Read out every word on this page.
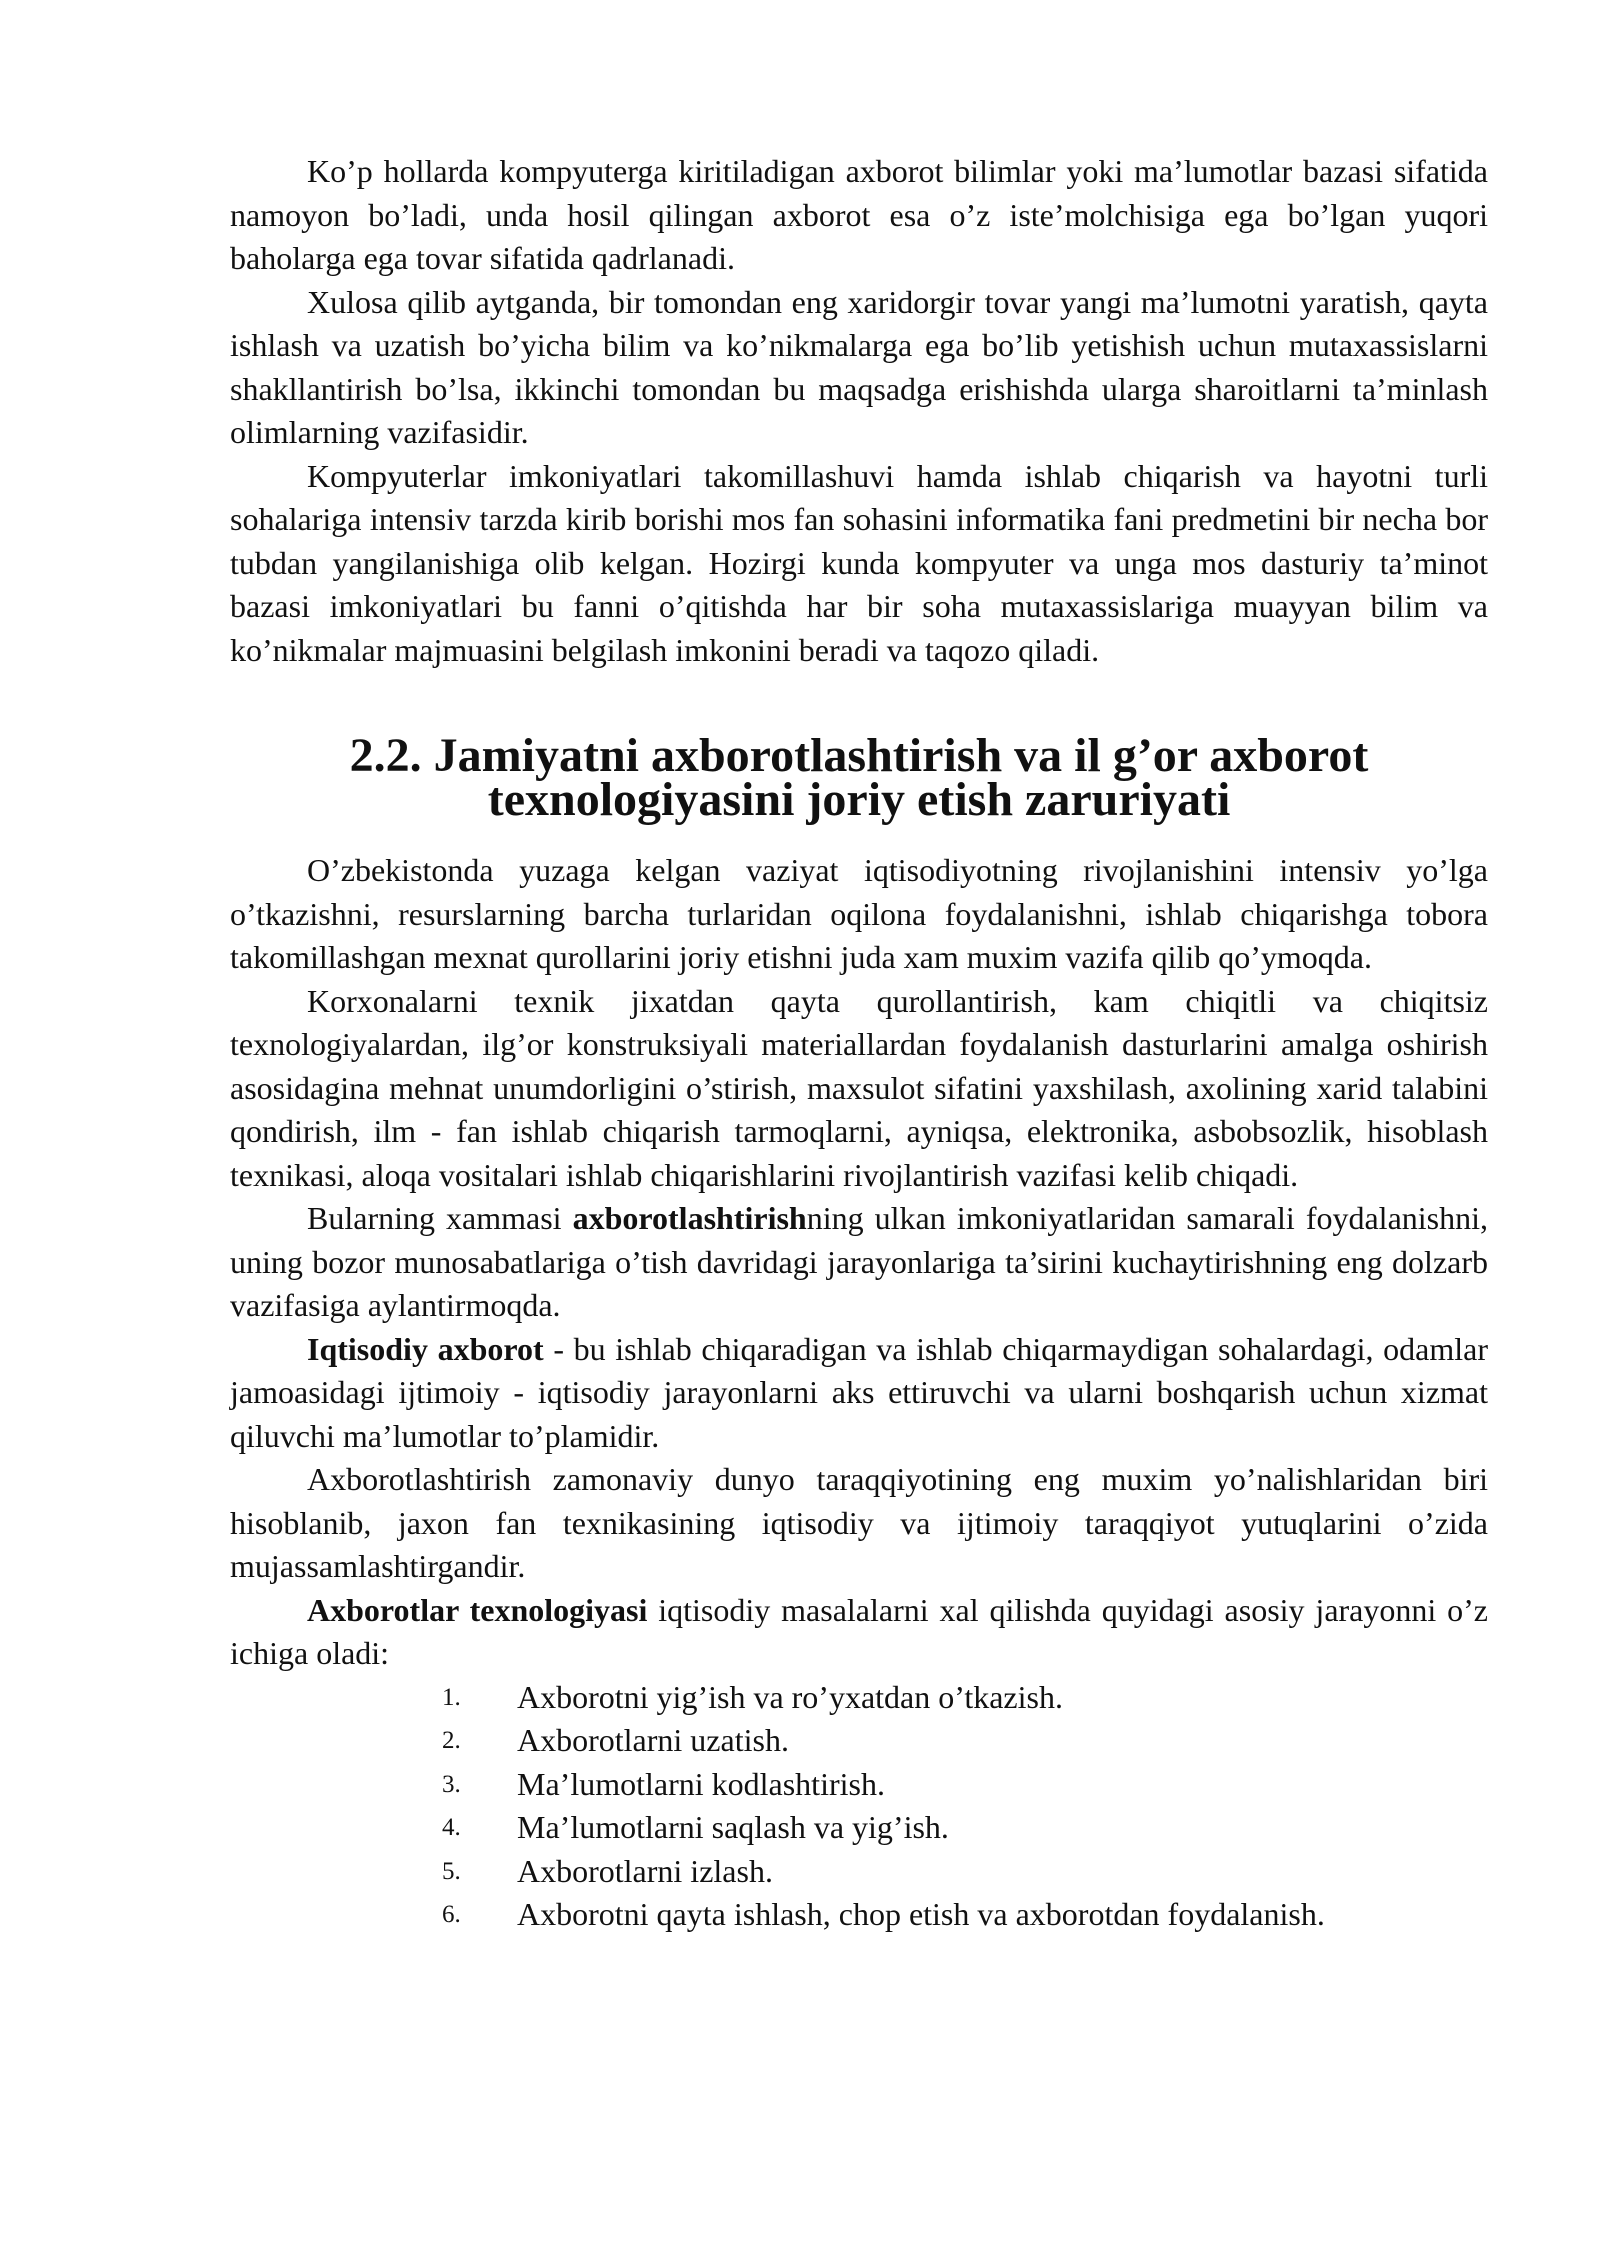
Ko’p hollarda kompyuterga kiritiladigan axborot bilimlar yoki ma’lumotlar bazasi sifatida namoyon bo’ladi, unda hosil qilingan axborot esa o’z iste’molchisiga ega bo’lgan yuqori baholarga ega tovar sifatida qadrlanadi.

Xulosa qilib aytganda, bir tomondan eng xaridorgir tovar yangi ma’lumotni yaratish, qayta ishlash va uzatish bo’yicha bilim va ko’nikmalarga ega bo’lib yetishish uchun mutaxassislarni shakllantirish bo’lsa, ikkinchi tomondan bu maqsadga erishishda ularga sharoitlarni ta’minlash olimlarning vazifasidir.

Kompyuterlar imkoniyatlari takomillashuvi hamda ishlab chiqarish va hayotni turli sohalariga intensiv tarzda kirib borishi mos fan sohasini informatika fani predmetini bir necha bor tubdan yangilanishiga olib kelgan. Hozirgi kunda kompyuter va unga mos dasturiy ta’minot bazasi imkoniyatlari bu fanni o’qitishda har bir soha mutaxassislariga muayyan bilim va ko’nikmalar majmuasini belgilash imkonini beradi va taqozo qiladi.

2.2. Jamiyatni axborotlashtirish va il g’or axborot texnologiyasini joriy etish zaruriyati

O’zbekistonda yuzaga kelgan vaziyat iqtisodiyotning rivojlanishini intensiv yo’lga o’tkazishni, resurslarning barcha turlaridan oqilona foydalanishni, ishlab chiqarishga tobora takomillashgan mexnat qurollarini joriy etishni juda xam muxim vazifa qilib qo’ymoqda.

Korxonalarni texnik jixatdan qayta qurollantirish, kam chiqitli va chiqitsiz texnologiyalardan, ilg’or konstruksiyali materiallardan foydalanish dasturlarini amalga oshirish asosidagina mehnat unumdorligini o’stirish, maxsulot sifatini yaxshilash, axolining xarid talabini qondirish, ilm - fan ishlab chiqarish tarmoqlarni, ayniqsa, elektronika, asbobsozlik, hisoblash texnikasi, aloqa vositalari ishlab chiqarishlarini rivojlantirish vazifasi kelib chiqadi.

Bularning xammasi axborotlashtirishning ulkan imkoniyatlaridan samarali foydalanishni, uning bozor munosabatlariga o’tish davridagi jarayonlariga ta’sirini kuchaytirishning eng dolzarb vazifasiga aylantirmoqda.

Iqtisodiy axborot - bu ishlab chiqaradigan va ishlab chiqarmaydigan sohalardagi, odamlar jamoasidagi ijtimoiy - iqtisodiy jarayonlarni aks ettiruvchi va ularni boshqarish uchun xizmat qiluvchi ma’lumotlar to’plamidir.

Axborotlashtirish zamonaviy dunyo taraqqiyotining eng muxim yo’nalishlaridan biri hisoblanib, jaxon fan texnikasining iqtisodiy va ijtimoiy taraqqiyot yutuqlarini o’zida mujassamlashtirgandir.

Axborotlar texnologiyasi iqtisodiy masalalarni xal qilishda quyidagi asosiy jarayonni o’z ichiga oladi:

1. Axborotni yig’ish va ro’yxatdan o’tkazish.
2. Axborotlarni uzatish.
3. Ma’lumotlarni kodlashtirish.
4. Ma’lumotlarni saqlash va yig’ish.
5. Axborotlarni izlash.
6. Axborotni qayta ishlash, chop etish va axborotdan foydalanish.
